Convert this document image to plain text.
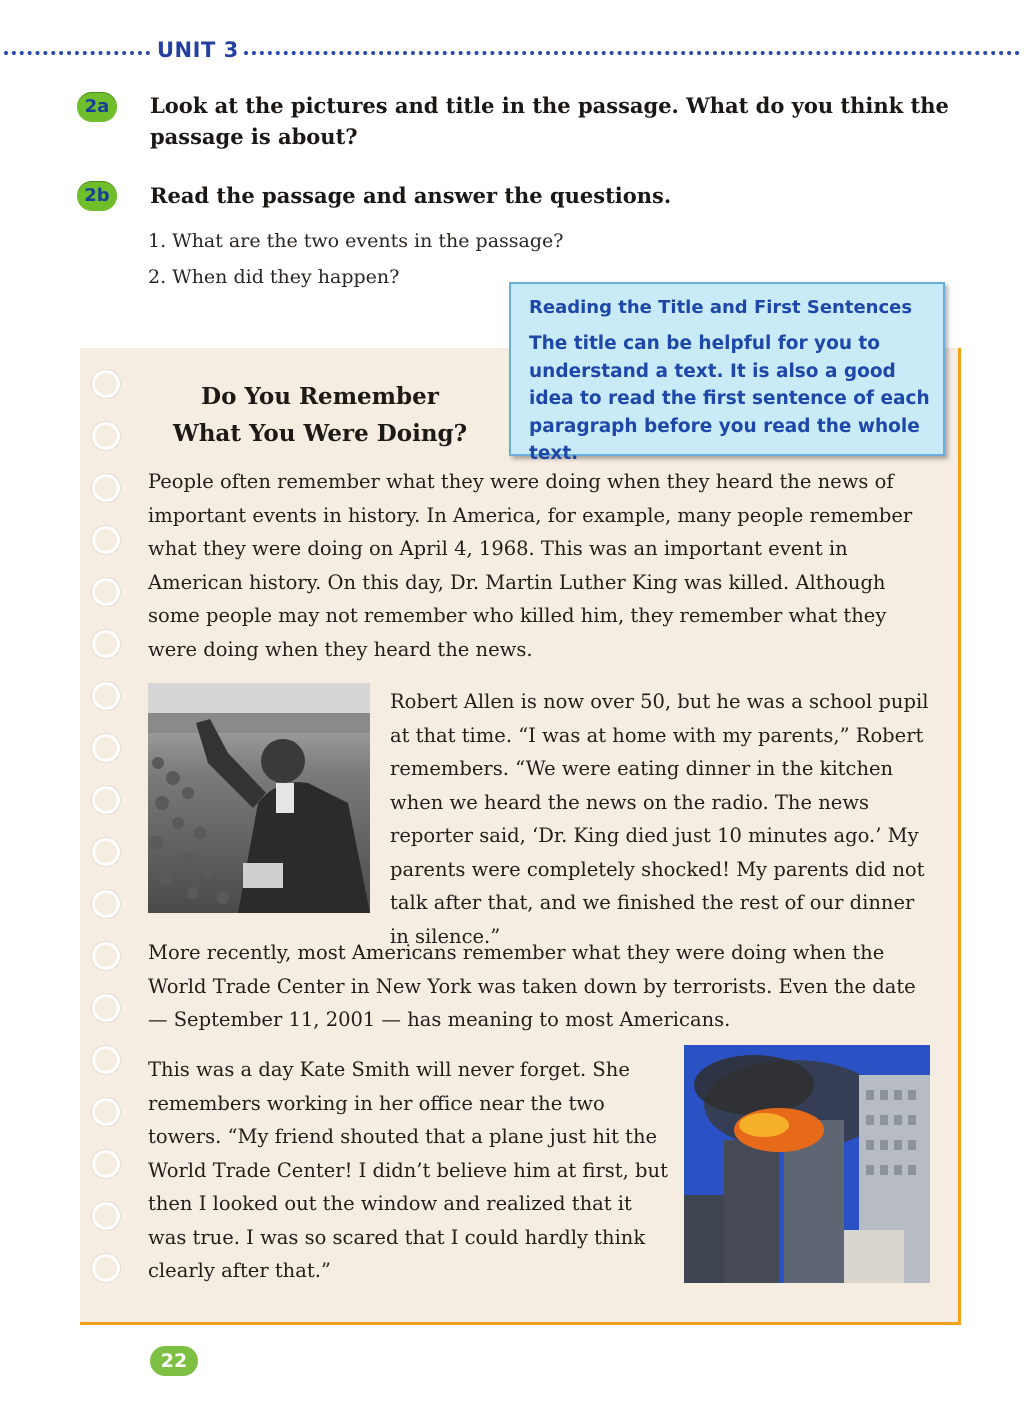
UNIT 3
2a	Look at the pictures and title in the passage. What do you think the
passage is about?
2b	Read the passage and answer the questions.
1. What are the two events in the passage?
2. When did they happen?
Do You Remember
What You Were Doing?
Reading the Title and First Sentences
The title can be helpful for you to understand a text. It is also a good idea to read the first sentence of each paragraph before you read the whole text.
People often remember what they were doing when they heard the news of important events in history. In America, for example, many people remember what they were doing on April 4, 1968. This was an important event in American history. On this day, Dr. Martin Luther King was killed. Although some people may not remember who killed him, they remember what they were doing when they heard the news.
Robert Allen is now over 50, but he was a school pupil at that time. “I was at home with my parents,” Robert remembers. “We were eating dinner in the kitchen when we heard the news on the radio. The news reporter said, ‘Dr. King died just 10 minutes ago.’ My parents were completely shocked! My parents did not talk after that, and we finished the rest of our dinner in silence.”
More recently, most Americans remember what they were doing when the World Trade Center in New York was taken down by terrorists. Even the date — September 11, 2001 — has meaning to most Americans.
This was a day Kate Smith will never forget. She remembers working in her office near the two towers. “My friend shouted that a plane just hit the World Trade Center! I didn’t believe him at first, but then I looked out the window and realized that it was true. I was so scared that I could hardly think clearly after that.”
22
